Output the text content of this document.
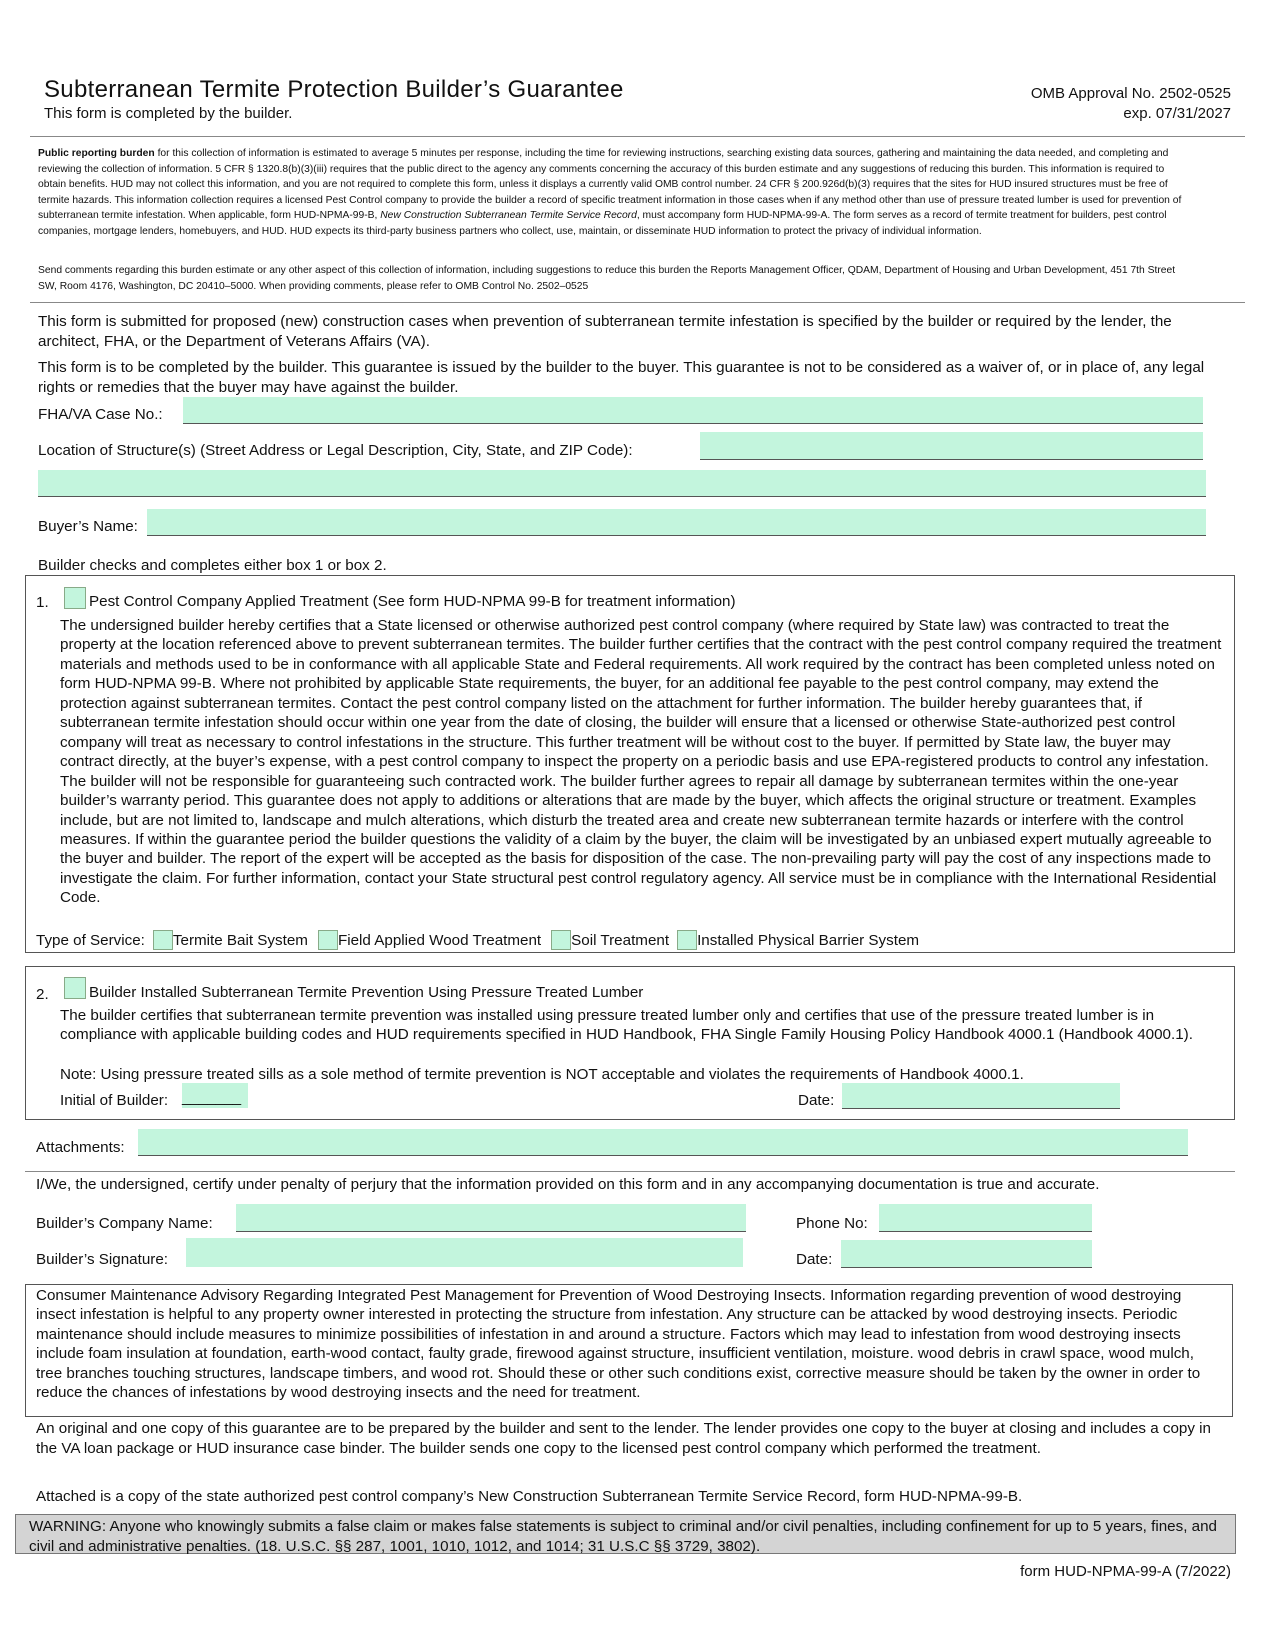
Subterranean Termite Protection Builder’s Guarantee
This form is completed by the builder.
OMB Approval No. 2502-0525
exp. 07/31/2027
Public reporting burden for this collection of information is estimated to average 5 minutes per response, including the time for reviewing instructions, searching existing data sources, gathering and maintaining the data needed, and completing and reviewing the collection of information. 5 CFR § 1320.8(b)(3)(iii) requires that the public direct to the agency any comments concerning the accuracy of this burden estimate and any suggestions of reducing this burden. This information is required to obtain benefits. HUD may not collect this information, and you are not required to complete this form, unless it displays a currently valid OMB control number. 24 CFR § 200.926d(b)(3) requires that the sites for HUD insured structures must be free of termite hazards. This information collection requires a licensed Pest Control company to provide the builder a record of specific treatment information in those cases when if any method other than use of pressure treated lumber is used for prevention of subterranean termite infestation. When applicable, form HUD-NPMA-99-B, New Construction Subterranean Termite Service Record, must accompany form HUD-NPMA-99-A. The form serves as a record of termite treatment for builders, pest control companies, mortgage lenders, homebuyers, and HUD. HUD expects its third-party business partners who collect, use, maintain, or disseminate HUD information to protect the privacy of individual information.
Send comments regarding this burden estimate or any other aspect of this collection of information, including suggestions to reduce this burden the Reports Management Officer, QDAM, Department of Housing and Urban Development, 451 7th Street SW, Room 4176, Washington, DC 20410–5000. When providing comments, please refer to OMB Control No. 2502–0525
This form is submitted for proposed (new) construction cases when prevention of subterranean termite infestation is specified by the builder or required by the lender, the architect, FHA, or the Department of Veterans Affairs (VA).
This form is to be completed by the builder. This guarantee is issued by the builder to the buyer. This guarantee is not to be considered as a waiver of, or in place of, any legal rights or remedies that the buyer may have against the builder.
FHA/VA Case No.:
Location of Structure(s) (Street Address or Legal Description, City, State, and ZIP Code):
Buyer’s Name:
Builder checks and completes either box 1 or box 2.
1.	Pest Control Company Applied Treatment (See form HUD-NPMA 99-B for treatment information)
The undersigned builder hereby certifies that a State licensed or otherwise authorized pest control company (where required by State law) was contracted to treat the property at the location referenced above to prevent subterranean termites. The builder further certifies that the contract with the pest control company required the treatment materials and methods used to be in conformance with all applicable State and Federal requirements. All work required by the contract has been completed unless noted on form HUD-NPMA 99-B. Where not prohibited by applicable State requirements, the buyer, for an additional fee payable to the pest control company, may extend the protection against subterranean termites. Contact the pest control company listed on the attachment for further information. The builder hereby guarantees that, if subterranean termite infestation should occur within one year from the date of closing, the builder will ensure that a licensed or otherwise State-authorized pest control company will treat as necessary to control infestations in the structure. This further treatment will be without cost to the buyer. If permitted by State law, the buyer may contract directly, at the buyer’s expense, with a pest control company to inspect the property on a periodic basis and use EPA-registered products to control any infestation. The builder will not be responsible for guaranteeing such contracted work. The builder further agrees to repair all damage by subterranean termites within the one-year builder’s warranty period. This guarantee does not apply to additions or alterations that are made by the buyer, which affects the original structure or treatment. Examples include, but are not limited to, landscape and mulch alterations, which disturb the treated area and create new subterranean termite hazards or interfere with the control measures. If within the guarantee period the builder questions the validity of a claim by the buyer, the claim will be investigated by an unbiased expert mutually agreeable to the buyer and builder. The report of the expert will be accepted as the basis for disposition of the case. The non-prevailing party will pay the cost of any inspections made to investigate the claim. For further information, contact your State structural pest control regulatory agency. All service must be in compliance with the International Residential Code.
Type of Service: Termite Bait System Field Applied Wood Treatment Soil Treatment Installed Physical Barrier System
2.	Builder Installed Subterranean Termite Prevention Using Pressure Treated Lumber
The builder certifies that subterranean termite prevention was installed using pressure treated lumber only and certifies that use of the pressure treated lumber is in compliance with applicable building codes and HUD requirements specified in HUD Handbook, FHA Single Family Housing Policy Handbook 4000.1 (Handbook 4000.1).
Note: Using pressure treated sills as a sole method of termite prevention is NOT acceptable and violates the requirements of Handbook 4000.1.
Initial of Builder: _______	Date:
Attachments:
I/We, the undersigned, certify under penalty of perjury that the information provided on this form and in any accompanying documentation is true and accurate.
Builder’s Company Name:	Phone No:
Builder’s Signature:	Date:
Consumer Maintenance Advisory Regarding Integrated Pest Management for Prevention of Wood Destroying Insects. Information regarding prevention of wood destroying insect infestation is helpful to any property owner interested in protecting the structure from infestation. Any structure can be attacked by wood destroying insects. Periodic maintenance should include measures to minimize possibilities of infestation in and around a structure. Factors which may lead to infestation from wood destroying insects include foam insulation at foundation, earth-wood contact, faulty grade, firewood against structure, insufficient ventilation, moisture. wood debris in crawl space, wood mulch, tree branches touching structures, landscape timbers, and wood rot. Should these or other such conditions exist, corrective measure should be taken by the owner in order to reduce the chances of infestations by wood destroying insects and the need for treatment.
An original and one copy of this guarantee are to be prepared by the builder and sent to the lender. The lender provides one copy to the buyer at closing and includes a copy in the VA loan package or HUD insurance case binder. The builder sends one copy to the licensed pest control company which performed the treatment.
Attached is a copy of the state authorized pest control company’s New Construction Subterranean Termite Service Record, form HUD-NPMA-99-B.
WARNING: Anyone who knowingly submits a false claim or makes false statements is subject to criminal and/or civil penalties, including confinement for up to 5 years, fines, and civil and administrative penalties. (18. U.S.C. §§ 287, 1001, 1010, 1012, and 1014; 31 U.S.C §§ 3729, 3802).
form HUD-NPMA-99-A (7/2022)
